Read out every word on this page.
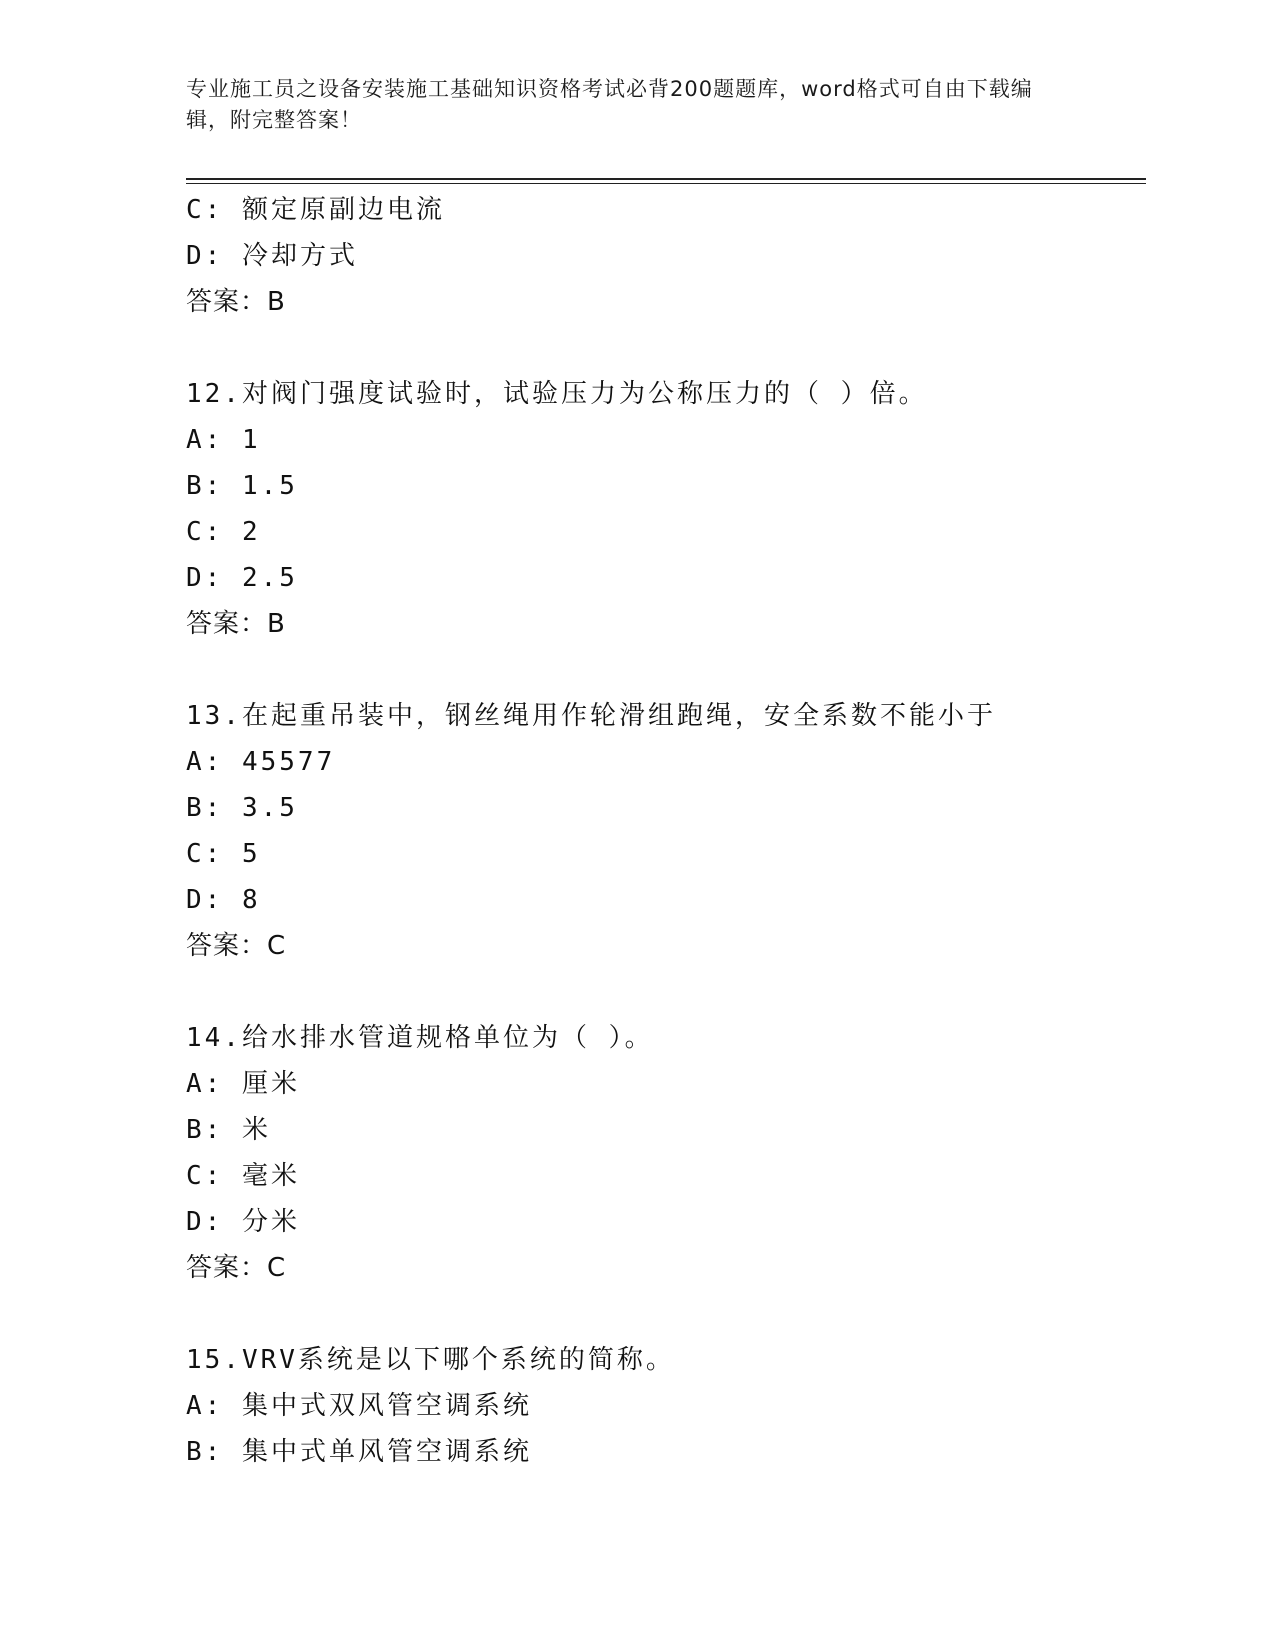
专业施工员之设备安装施工基础知识资格考试必背200题题库，word格式可自由下载编辑，附完整答案！
C: 额定原副边电流
D: 冷却方式
答案：B
12.对阀门强度试验时，试验压力为公称压力的（ ）倍。
A: 1
B: 1.5
C: 2
D: 2.5
答案：B
13.在起重吊装中，钢丝绳用作轮滑组跑绳，安全系数不能小于
A: 45577
B: 3.5
C: 5
D: 8
答案：C
14.给水排水管道规格单位为（ ）。
A: 厘米
B: 米
C: 毫米
D: 分米
答案：C
15.VRV系统是以下哪个系统的简称。
A: 集中式双风管空调系统
B: 集中式单风管空调系统
